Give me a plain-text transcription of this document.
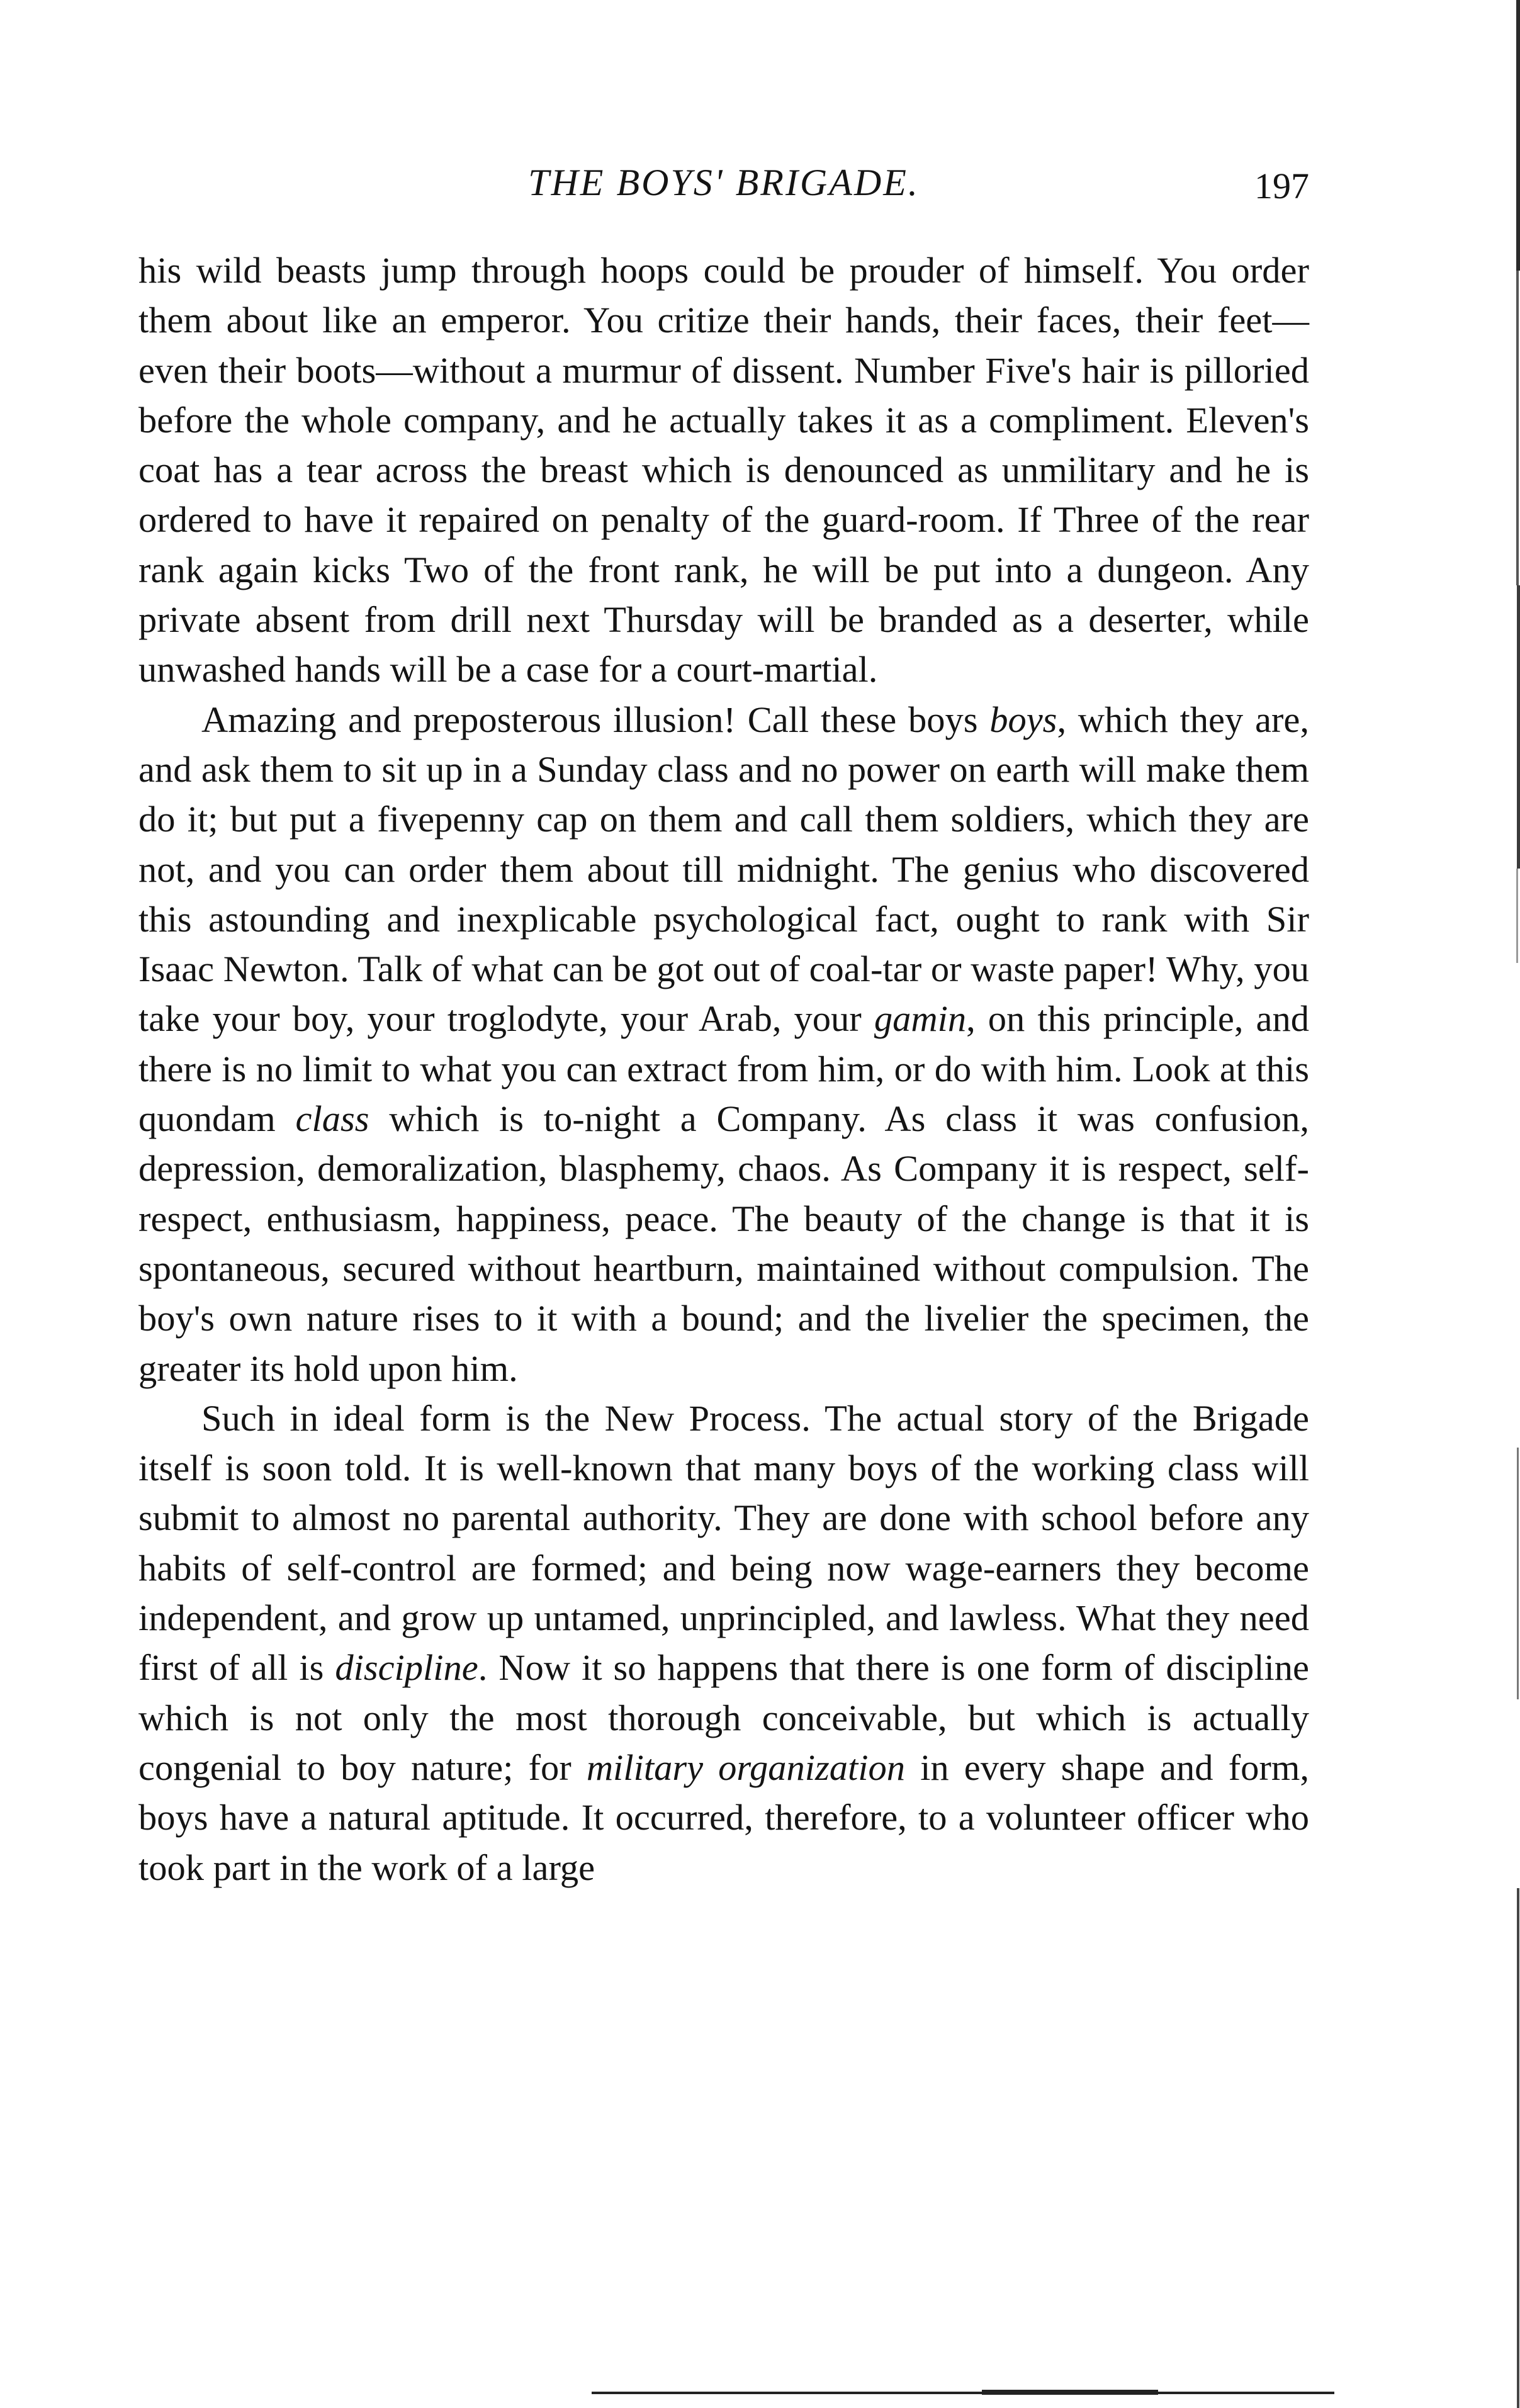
THE BOYS' BRIGADE.	197

his wild beasts jump through hoops could be prouder of himself. You order them about like an emperor. You critize their hands, their faces, their feet—even their boots—without a murmur of dissent. Number Five's hair is pilloried before the whole company, and he actually takes it as a compliment. Eleven's coat has a tear across the breast which is denounced as unmilitary and he is ordered to have it repaired on penalty of the guard-room. If Three of the rear rank again kicks Two of the front rank, he will be put into a dungeon. Any private absent from drill next Thursday will be branded as a deserter, while unwashed hands will be a case for a court-martial.

Amazing and preposterous illusion! Call these boys boys, which they are, and ask them to sit up in a Sunday class and no power on earth will make them do it; but put a fivepenny cap on them and call them soldiers, which they are not, and you can order them about till midnight. The genius who discovered this astounding and inexplicable psychological fact, ought to rank with Sir Isaac Newton. Talk of what can be got out of coal-tar or waste paper! Why, you take your boy, your troglodyte, your Arab, your gamin, on this principle, and there is no limit to what you can extract from him, or do with him. Look at this quondam class which is to-night a Company. As class it was confusion, depression, demoralization, blasphemy, chaos. As Company it is respect, self-respect, enthusiasm, happiness, peace. The beauty of the change is that it is spontaneous, secured without heartburn, maintained without compulsion. The boy's own nature rises to it with a bound; and the livelier the specimen, the greater its hold upon him.

Such in ideal form is the New Process. The actual story of the Brigade itself is soon told. It is well-known that many boys of the working class will submit to almost no parental authority. They are done with school before any habits of self-control are formed; and being now wage-earners they become independent, and grow up untamed, unprincipled, and lawless. What they need first of all is discipline. Now it so happens that there is one form of discipline which is not only the most thorough conceivable, but which is actually congenial to boy nature; for military organization in every shape and form, boys have a natural aptitude. It occurred, therefore, to a volunteer officer who took part in the work of a large
